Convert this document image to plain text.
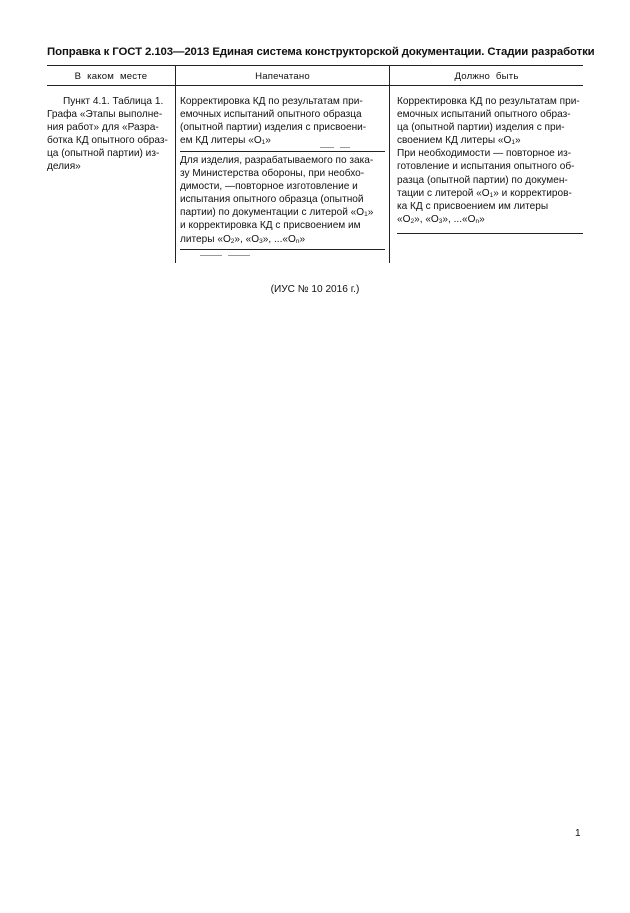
Поправка к ГОСТ 2.103—2013 Единая система конструкторской документации. Стадии разработки
В каком месте	Напечатано	Должно быть
Пункт 4.1. Таблица 1.
Графа «Этапы выполне-
ния работ» для «Разра-
ботка КД опытного образ-
ца (опытной партии) из-
делия»
Корректировка КД по результатам при-
емочных испытаний опытного образца
(опытной партии) изделия с присвоени-
ем КД литеры «$О_1$»
Для изделия, разрабатываемого по зака-
зу Министерства обороны, при необхо-
димости, —повторное изготовление и
испытания опытного образца (опытной
партии) по документации с литерой «$О_1$»
и корректировка КД с присвоением им
литеры «$О_2$», «$О_3$», $...«О_n$»
Корректировка КД по результатам при-
емочных испытаний опытного образ-
ца (опытной партии) изделия с при-
своением КД литеры «$О_1$»
При необходимости — повторное из-
готовление и испытания опытного об-
разца (опытной партии) по докумен-
тации с литерой «$О_1$» и корректиров-
ка КД с присвоением им литеры
«$О_2$», «$О_3$», $...«О_n$»
(ИУС № 10 2016 г.)
1
